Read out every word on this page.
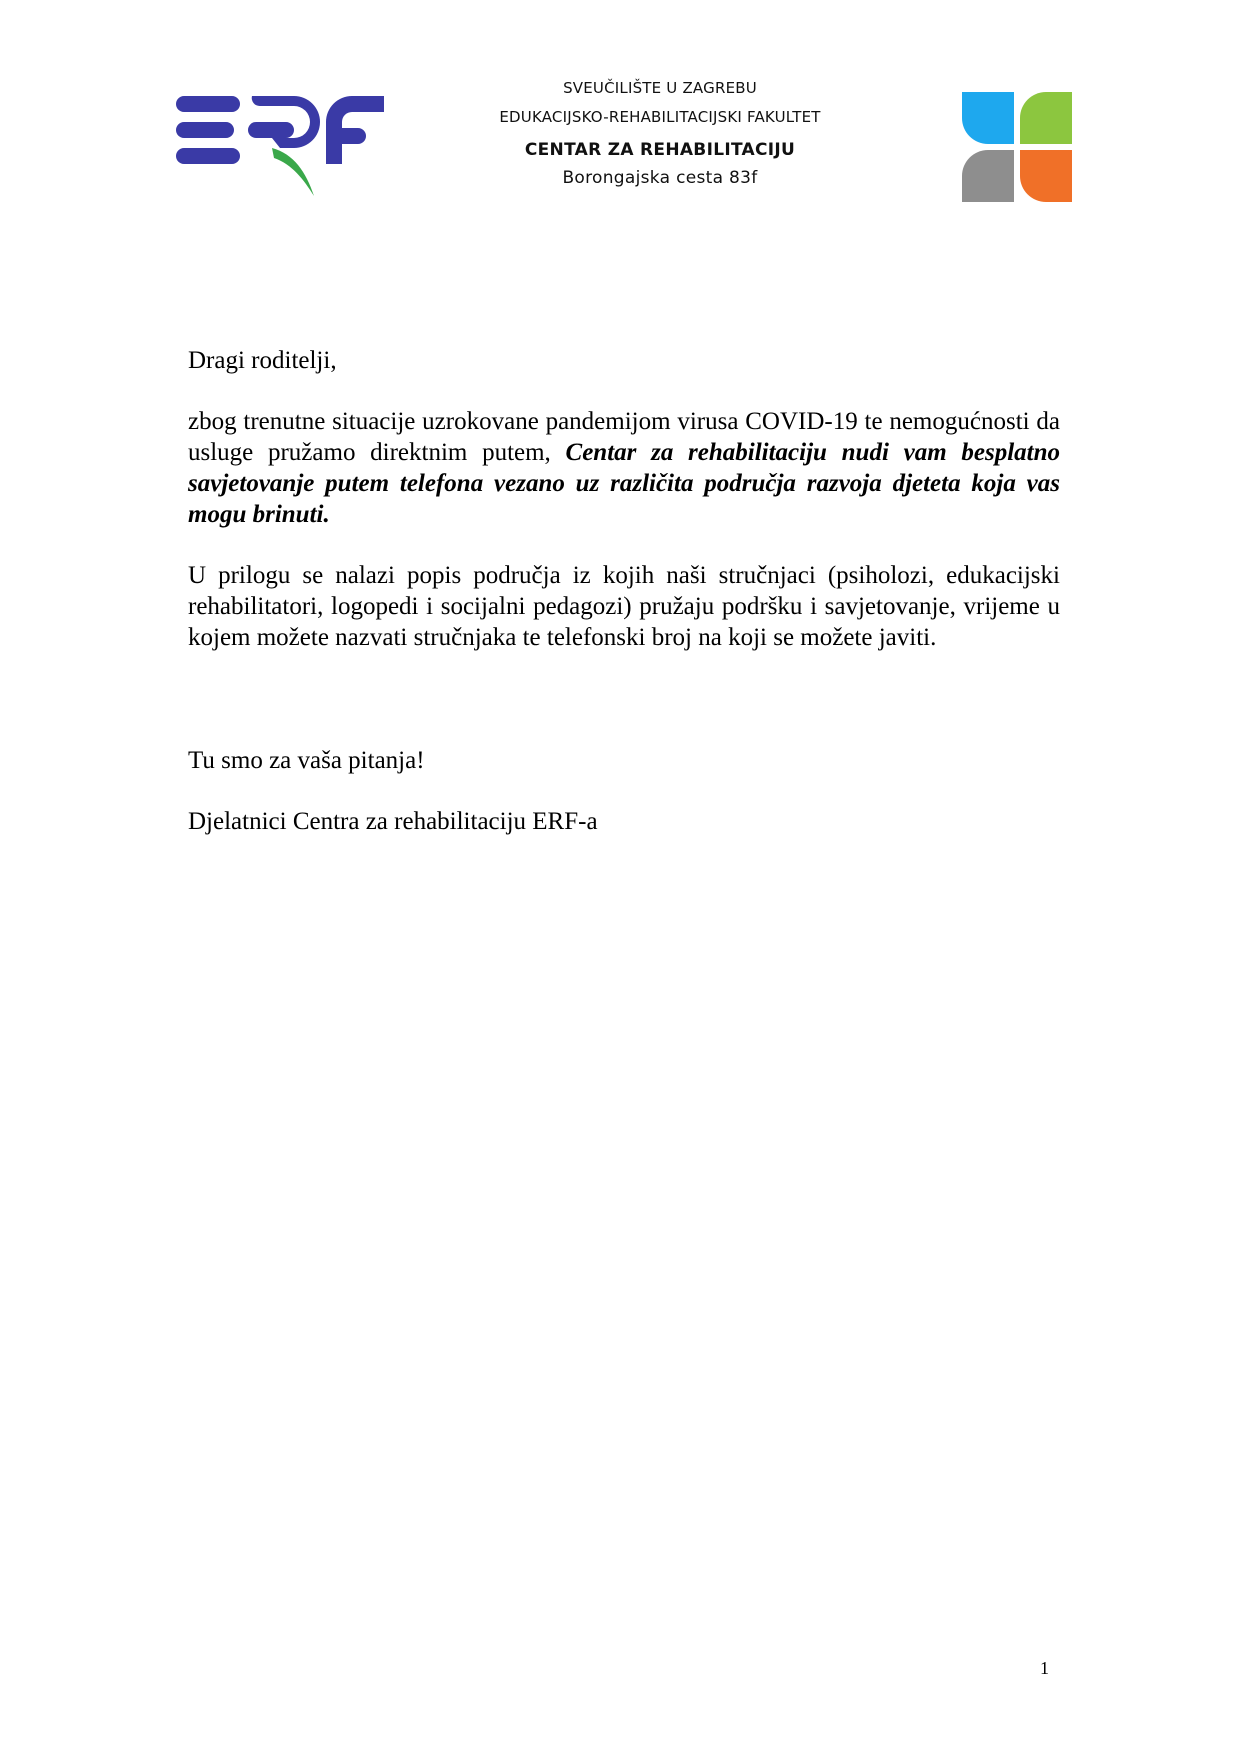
SVEUČILIŠTE U ZAGREBU
EDUKACIJSKO-REHABILITACIJSKI FAKULTET
CENTAR ZA REHABILITACIJU
Borongajska cesta 83f

Dragi roditelji,

zbog trenutne situacije uzrokovane pandemijom virusa COVID-19 te nemogućnosti da usluge pružamo direktnim putem, Centar za rehabilitaciju nudi vam besplatno savjetovanje putem telefona vezano uz različita područja razvoja djeteta koja vas mogu brinuti.

U prilogu se nalazi popis područja iz kojih naši stručnjaci (psiholozi, edukacijski rehabilitatori, logopedi i socijalni pedagozi) pružaju podršku i savjetovanje, vrijeme u kojem možete nazvati stručnjaka te telefonski broj na koji se možete javiti.

Tu smo za vaša pitanja!

Djelatnici Centra za rehabilitaciju ERF-a

1
